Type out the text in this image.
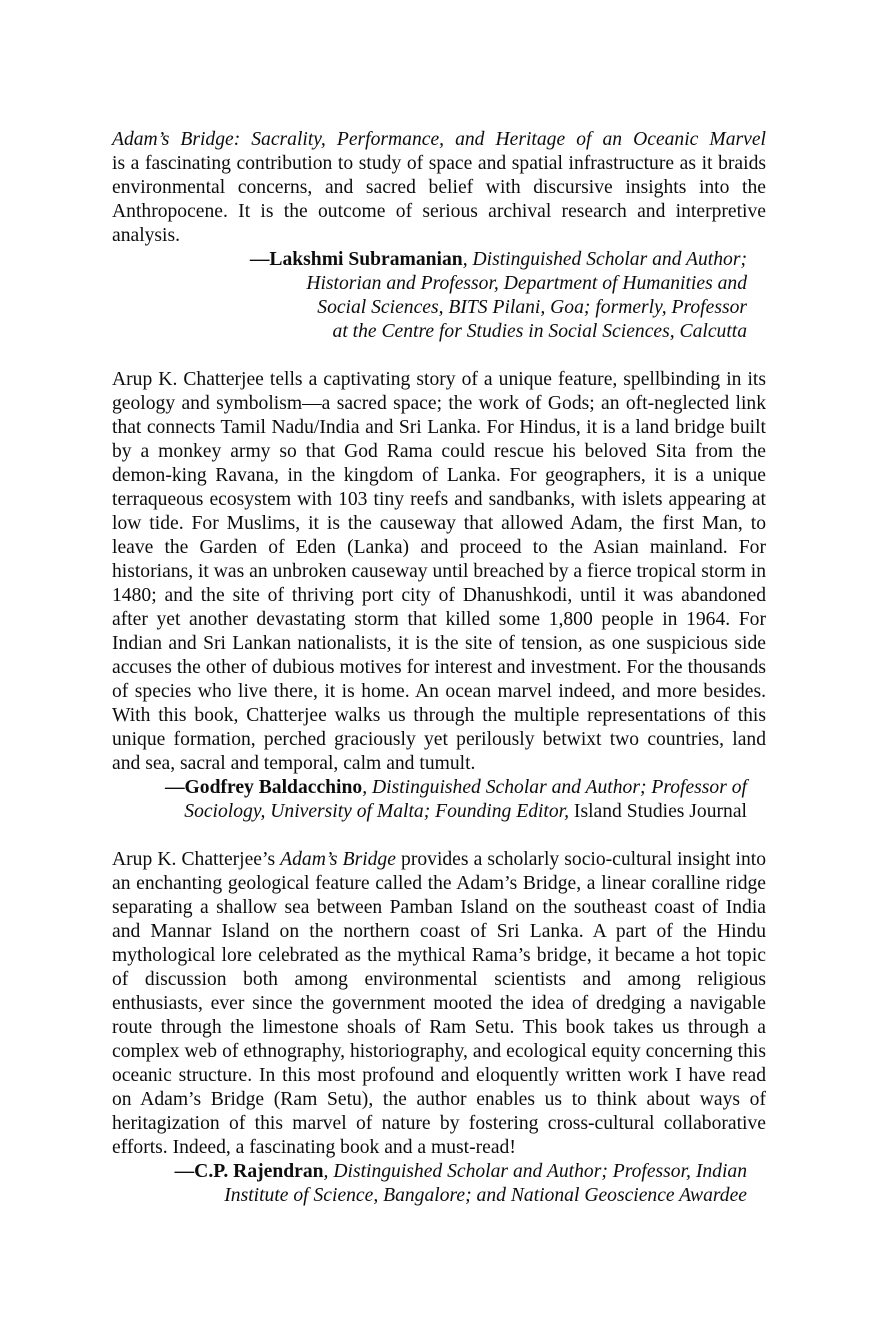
Adam’s Bridge: Sacrality, Performance, and Heritage of an Oceanic Marvel
is a fascinating contribution to study of space and spatial infrastructure as it braids environmental concerns, and sacred belief with discursive insights into the Anthropocene. It is the outcome of serious archival research and interpretive analysis.

—Lakshmi Subramanian, Distinguished Scholar and Author;
Historian and Professor, Department of Humanities and
Social Sciences, BITS Pilani, Goa; formerly, Professor
at the Centre for Studies in Social Sciences, Calcutta

Arup K. Chatterjee tells a captivating story of a unique feature, spellbinding in its geology and symbolism—a sacred space; the work of Gods; an oft-neglected link that connects Tamil Nadu/India and Sri Lanka. For Hindus, it is a land bridge built by a monkey army so that God Rama could rescue his beloved Sita from the demon-king Ravana, in the kingdom of Lanka. For geographers, it is a unique terraqueous ecosystem with 103 tiny reefs and sandbanks, with islets appearing at low tide. For Muslims, it is the causeway that allowed Adam, the first Man, to leave the Garden of Eden (Lanka) and proceed to the Asian mainland. For historians, it was an unbroken causeway until breached by a fierce tropical storm in 1480; and the site of thriving port city of Dhanushkodi, until it was abandoned after yet another devastating storm that killed some 1,800 people in 1964. For Indian and Sri Lankan nationalists, it is the site of tension, as one suspicious side accuses the other of dubious motives for interest and investment. For the thousands of species who live there, it is home. An ocean marvel indeed, and more besides. With this book, Chatterjee walks us through the multiple representations of this unique formation, perched graciously yet perilously betwixt two countries, land and sea, sacral and temporal, calm and tumult.

—Godfrey Baldacchino, Distinguished Scholar and Author; Professor of
Sociology, University of Malta; Founding Editor, Island Studies Journal

Arup K. Chatterjee’s Adam’s Bridge provides a scholarly socio-cultural insight into an enchanting geological feature called the Adam’s Bridge, a linear coralline ridge separating a shallow sea between Pamban Island on the southeast coast of India and Mannar Island on the northern coast of Sri Lanka. A part of the Hindu mythological lore celebrated as the mythical Rama’s bridge, it became a hot topic of discussion both among environmental scientists and among religious enthusiasts, ever since the government mooted the idea of dredging a navigable route through the limestone shoals of Ram Setu. This book takes us through a complex web of ethnography, historiography, and ecological equity concerning this oceanic structure. In this most profound and eloquently written work I have read on Adam’s Bridge (Ram Setu), the author enables us to think about ways of heritagization of this marvel of nature by fostering cross-cultural collaborative efforts. Indeed, a fascinating book and a must-read!

—C.P. Rajendran, Distinguished Scholar and Author; Professor, Indian
Institute of Science, Bangalore; and National Geoscience Awardee
